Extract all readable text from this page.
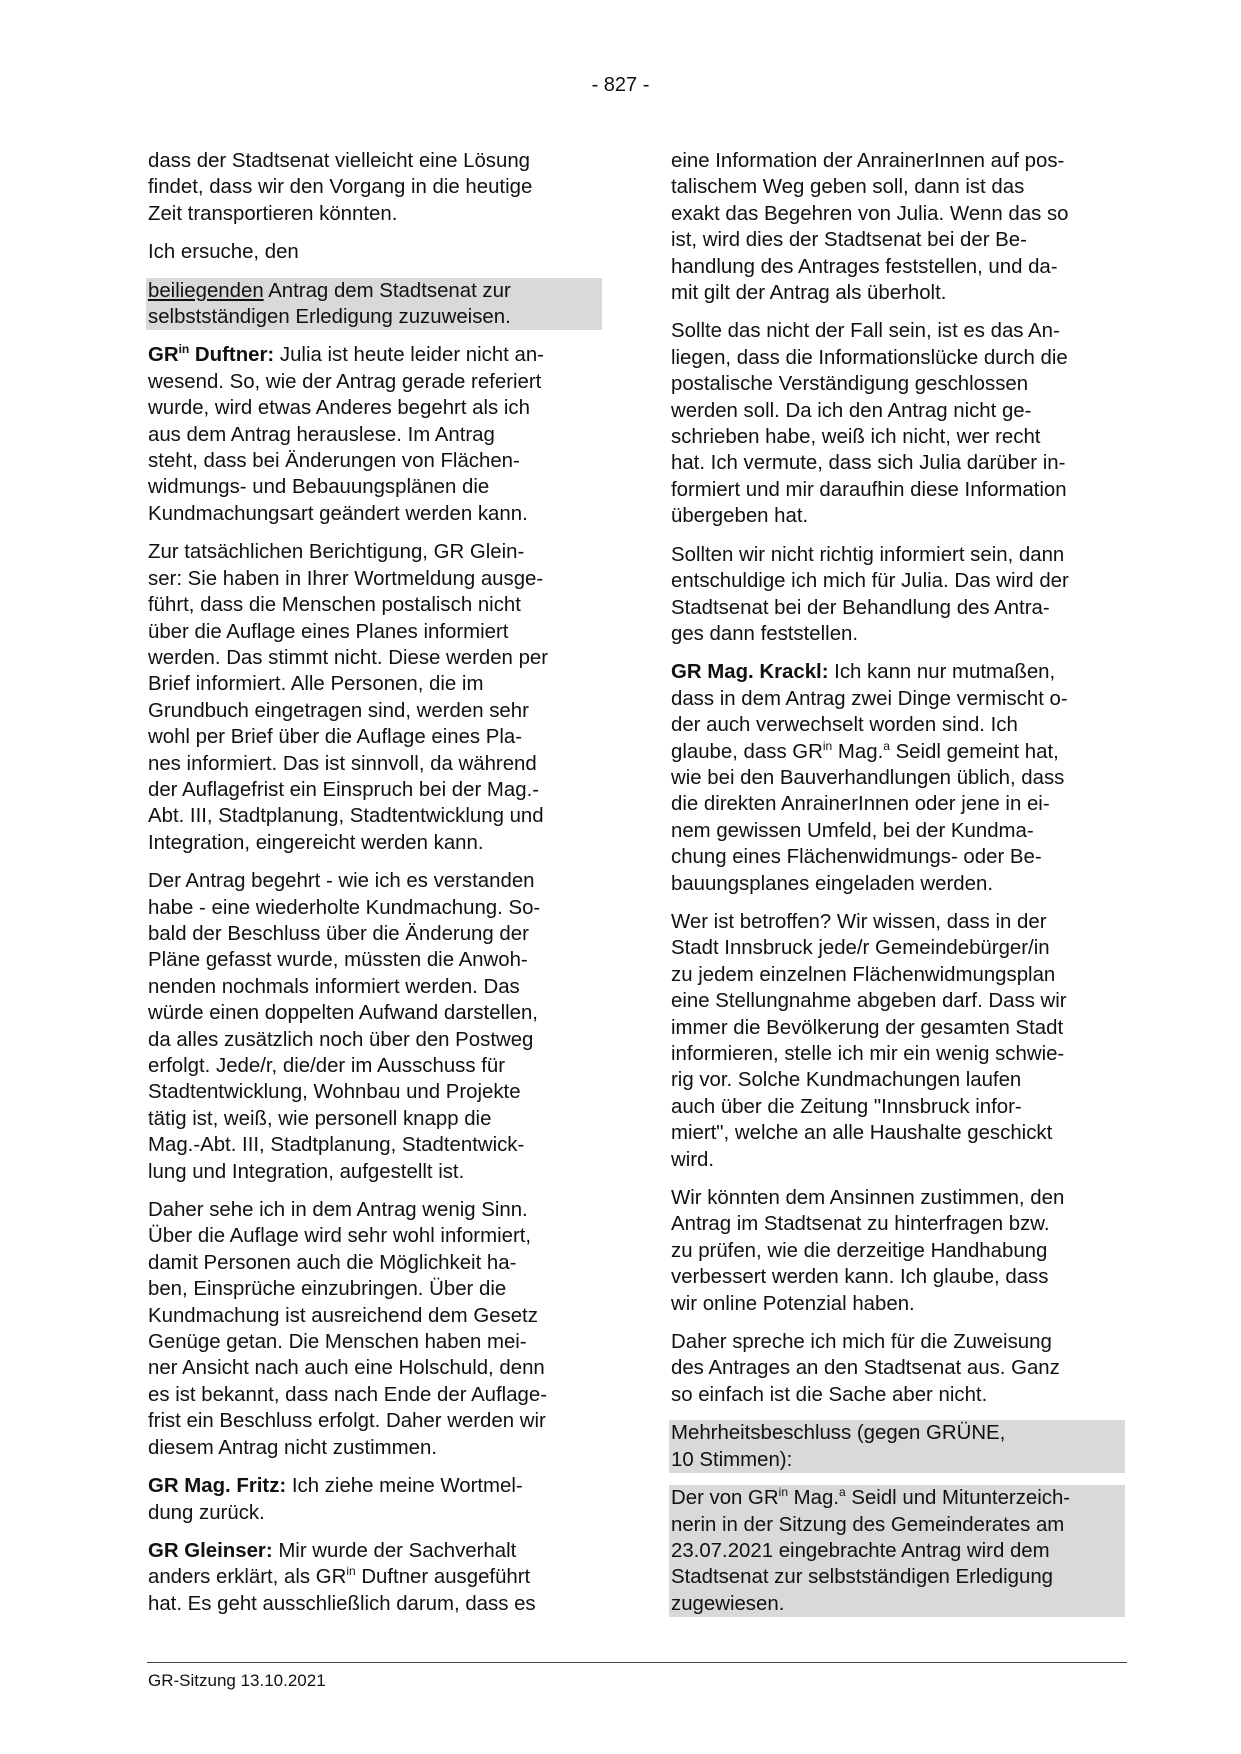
- 827 -

dass der Stadtsenat vielleicht eine Lösung
findet, dass wir den Vorgang in die heutige
Zeit transportieren könnten.

Ich ersuche, den

beiliegenden Antrag dem Stadtsenat zur
selbstständigen Erledigung zuzuweisen.

$GR^{in}$ Duftner: Julia ist heute leider nicht an-
wesend. So, wie der Antrag gerade referiert
wurde, wird etwas Anderes begehrt als ich
aus dem Antrag herauslese. Im Antrag
steht, dass bei Änderungen von Flächen-
widmungs- und Bebauungsplänen die
Kundmachungsart geändert werden kann.

Zur tatsächlichen Berichtigung, GR Glein-
ser: Sie haben in Ihrer Wortmeldung ausge-
führt, dass die Menschen postalisch nicht
über die Auflage eines Planes informiert
werden. Das stimmt nicht. Diese werden per
Brief informiert. Alle Personen, die im
Grundbuch eingetragen sind, werden sehr
wohl per Brief über die Auflage eines Pla-
nes informiert. Das ist sinnvoll, da während
der Auflagefrist ein Einspruch bei der Mag.-
Abt. III, Stadtplanung, Stadtentwicklung und
Integration, eingereicht werden kann.

Der Antrag begehrt - wie ich es verstanden
habe - eine wiederholte Kundmachung. So-
bald der Beschluss über die Änderung der
Pläne gefasst wurde, müssten die Anwoh-
nenden nochmals informiert werden. Das
würde einen doppelten Aufwand darstellen,
da alles zusätzlich noch über den Postweg
erfolgt. Jede/r, die/der im Ausschuss für
Stadtentwicklung, Wohnbau und Projekte
tätig ist, weiß, wie personell knapp die
Mag.-Abt. III, Stadtplanung, Stadtentwick-
lung und Integration, aufgestellt ist.

Daher sehe ich in dem Antrag wenig Sinn.
Über die Auflage wird sehr wohl informiert,
damit Personen auch die Möglichkeit ha-
ben, Einsprüche einzubringen. Über die
Kundmachung ist ausreichend dem Gesetz
Genüge getan. Die Menschen haben mei-
ner Ansicht nach auch eine Holschuld, denn
es ist bekannt, dass nach Ende der Auflage-
frist ein Beschluss erfolgt. Daher werden wir
diesem Antrag nicht zustimmen.

GR Mag. Fritz: Ich ziehe meine Wortmel-
dung zurück.

GR Gleinser: Mir wurde der Sachverhalt
anders erklärt, als $GR^{in}$ Duftner ausgeführt
hat. Es geht ausschließlich darum, dass es

eine Information der AnrainerInnen auf pos-
talischem Weg geben soll, dann ist das
exakt das Begehren von Julia. Wenn das so
ist, wird dies der Stadtsenat bei der Be-
handlung des Antrages feststellen, und da-
mit gilt der Antrag als überholt.

Sollte das nicht der Fall sein, ist es das An-
liegen, dass die Informationslücke durch die
postalische Verständigung geschlossen
werden soll. Da ich den Antrag nicht ge-
schrieben habe, weiß ich nicht, wer recht
hat. Ich vermute, dass sich Julia darüber in-
formiert und mir daraufhin diese Information
übergeben hat.

Sollten wir nicht richtig informiert sein, dann
entschuldige ich mich für Julia. Das wird der
Stadtsenat bei der Behandlung des Antra-
ges dann feststellen.

GR Mag. Krackl: Ich kann nur mutmaßen,
dass in dem Antrag zwei Dinge vermischt o-
der auch verwechselt worden sind. Ich
glaube, dass $GR^{in}$ Mag.$^a$ Seidl gemeint hat,
wie bei den Bauverhandlungen üblich, dass
die direkten AnrainerInnen oder jene in ei-
nem gewissen Umfeld, bei der Kundma-
chung eines Flächenwidmungs- oder Be-
bauungsplanes eingeladen werden.

Wer ist betroffen? Wir wissen, dass in der
Stadt Innsbruck jede/r Gemeindebürger/in
zu jedem einzelnen Flächenwidmungsplan
eine Stellungnahme abgeben darf. Dass wir
immer die Bevölkerung der gesamten Stadt
informieren, stelle ich mir ein wenig schwie-
rig vor. Solche Kundmachungen laufen
auch über die Zeitung "Innsbruck infor-
miert", welche an alle Haushalte geschickt
wird.

Wir könnten dem Ansinnen zustimmen, den
Antrag im Stadtsenat zu hinterfragen bzw.
zu prüfen, wie die derzeitige Handhabung
verbessert werden kann. Ich glaube, dass
wir online Potenzial haben.

Daher spreche ich mich für die Zuweisung
des Antrages an den Stadtsenat aus. Ganz
so einfach ist die Sache aber nicht.

Mehrheitsbeschluss (gegen GRÜNE,
10 Stimmen):

Der von $GR^{in}$ Mag.$^a$ Seidl und Mitunterzeich-
nerin in der Sitzung des Gemeinderates am
23.07.2021 eingebrachte Antrag wird dem
Stadtsenat zur selbstständigen Erledigung
zugewiesen.

GR-Sitzung 13.10.2021
